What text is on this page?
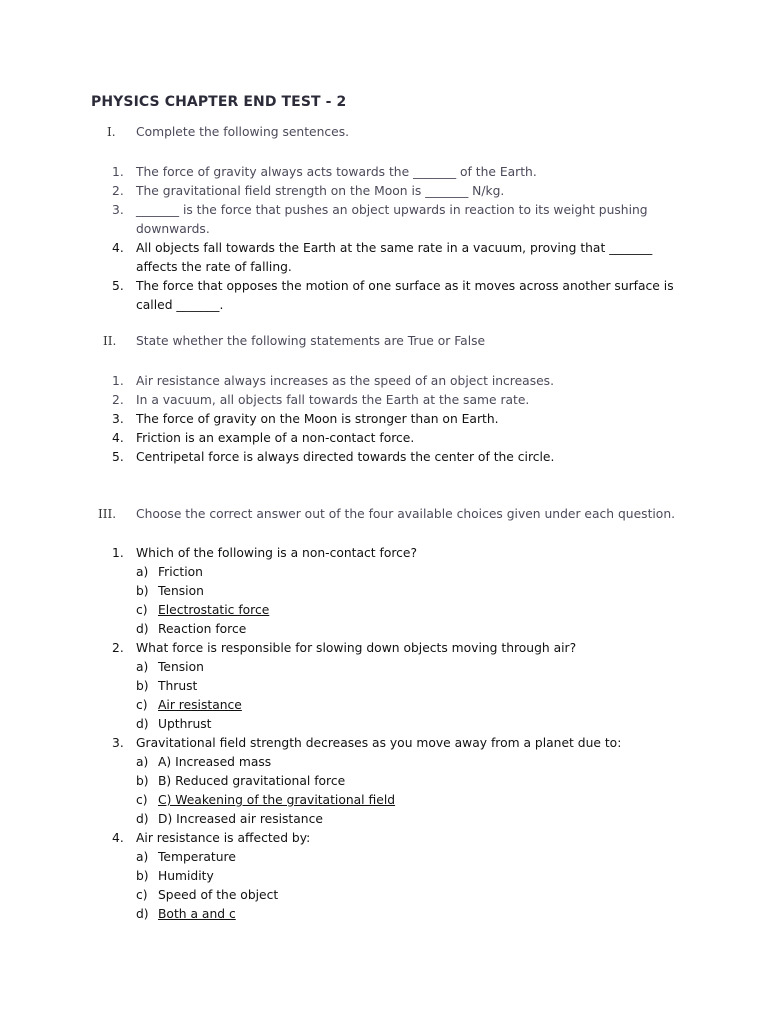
PHYSICS CHAPTER END TEST - 2
I. Complete the following sentences.
1. The force of gravity always acts towards the _______ of the Earth.
2. The gravitational field strength on the Moon is _______ N/kg.
3. _______ is the force that pushes an object upwards in reaction to its weight pushing
downwards.
4. All objects fall towards the Earth at the same rate in a vacuum, proving that _______
affects the rate of falling.
5. The force that opposes the motion of one surface as it moves across another surface is
called _______.
II. State whether the following statements are True or False
1. Air resistance always increases as the speed of an object increases.
2. In a vacuum, all objects fall towards the Earth at the same rate.
3. The force of gravity on the Moon is stronger than on Earth.
4. Friction is an example of a non-contact force.
5. Centripetal force is always directed towards the center of the circle.
III. Choose the correct answer out of the four available choices given under each question.
1. Which of the following is a non-contact force?
a) Friction
b) Tension
c) Electrostatic force
d) Reaction force
2. What force is responsible for slowing down objects moving through air?
a) Tension
b) Thrust
c) Air resistance
d) Upthrust
3. Gravitational field strength decreases as you move away from a planet due to:
a) A) Increased mass
b) B) Reduced gravitational force
c) C) Weakening of the gravitational field
d) D) Increased air resistance
4. Air resistance is affected by:
a) Temperature
b) Humidity
c) Speed of the object
d) Both a and c
